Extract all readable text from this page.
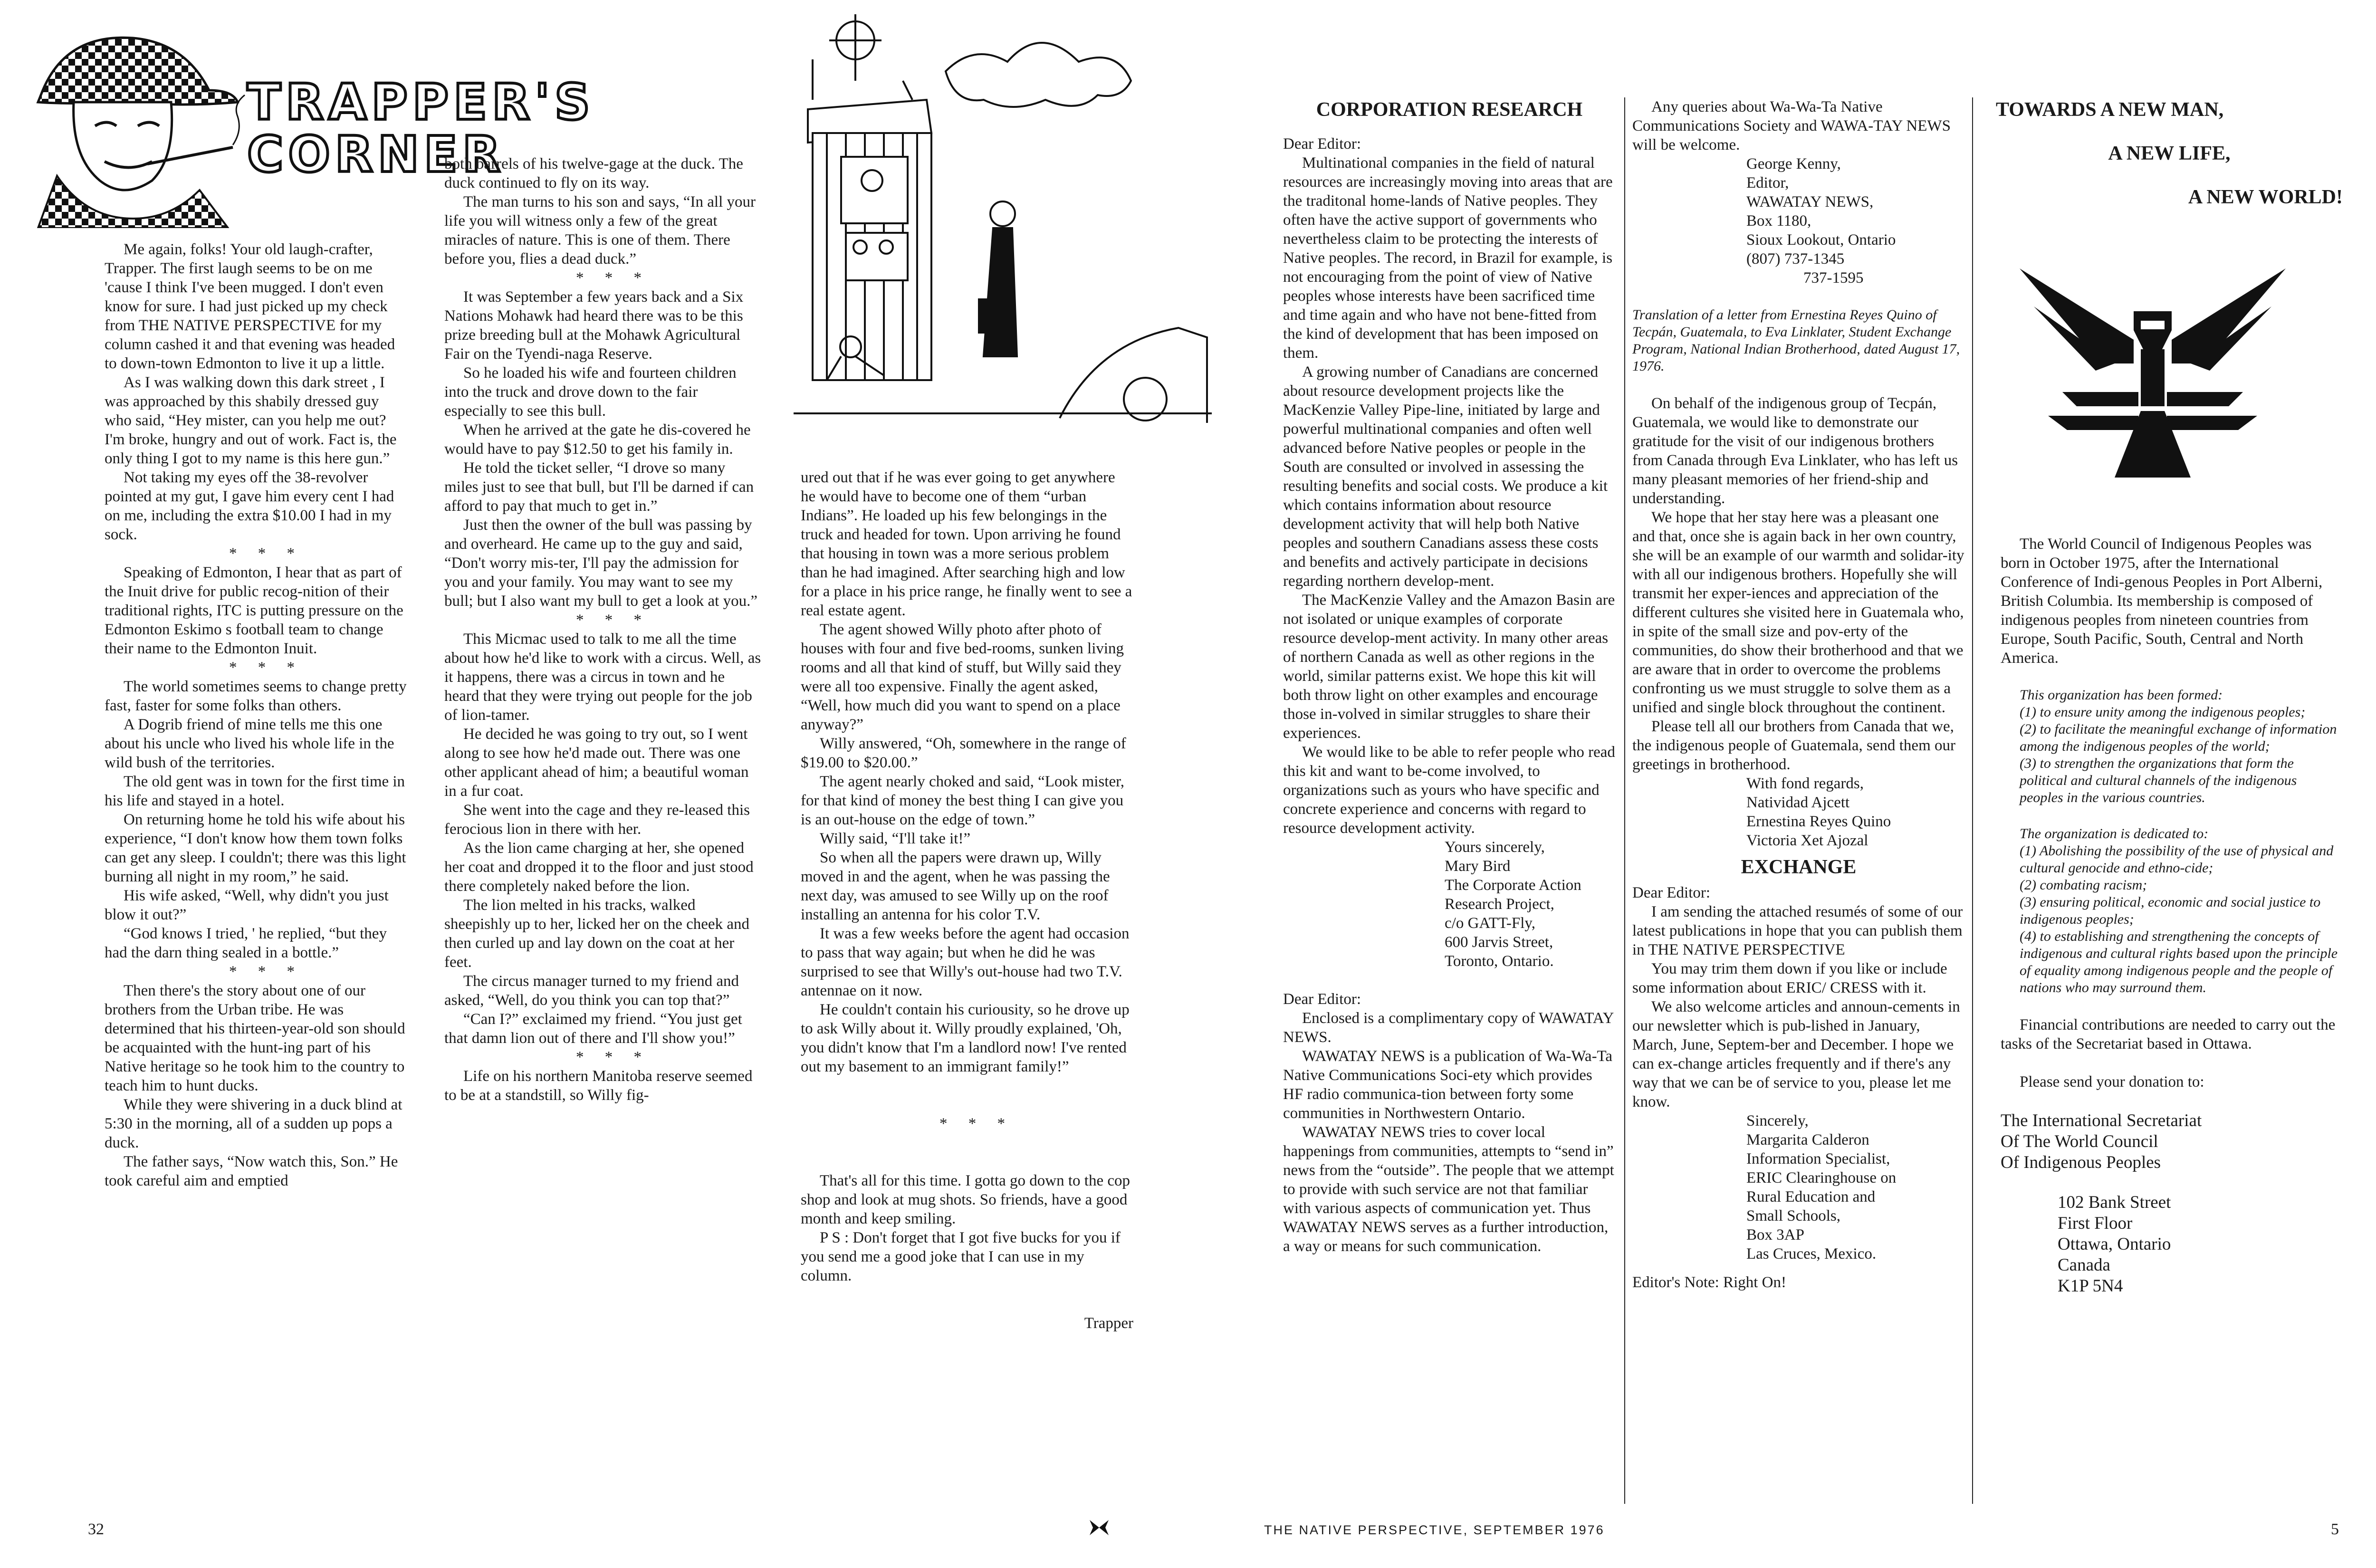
TRAPPER'S CORNER

Me again, folks! Your old laugh-crafter, Trapper. The first laugh seems to be on me 'cause I think I've been mugged. I don't even know for sure. I had just picked up my check from THE NATIVE PERSPECTIVE for my column cashed it and that evening was headed to down-town Edmonton to live it up a little.

As I was walking down this dark street , I was approached by this shabily dressed guy who said, “Hey mister, can you help me out? I'm broke, hungry and out of work. Fact is, the only thing I got to my name is this here gun.”

Not taking my eyes off the 38-revolver pointed at my gut, I gave him every cent I had on me, including the extra $10.00 I had in my sock.

* * *

Speaking of Edmonton, I hear that as part of the Inuit drive for public recog-nition of their traditional rights, ITC is putting pressure on the Edmonton Eskimo s football team to change their name to the Edmonton Inuit.

* * *

The world sometimes seems to change pretty fast, faster for some folks than others.

A Dogrib friend of mine tells me this one about his uncle who lived his whole life in the wild bush of the territories.

The old gent was in town for the first time in his life and stayed in a hotel.

On returning home he told his wife about his experience, “I don't know how them town folks can get any sleep. I couldn't; there was this light burning all night in my room,” he said.

His wife asked, “Well, why didn't you just blow it out?”

“God knows I tried, ' he replied, “but they had the darn thing sealed in a bottle.”

* * *

Then there's the story about one of our brothers from the Urban tribe. He was determined that his thirteen-year-old son should be acquainted with the hunt-ing part of his Native heritage so he took him to the country to teach him to hunt ducks.

While they were shivering in a duck blind at 5:30 in the morning, all of a sudden up pops a duck.

The father says, “Now watch this, Son.” He took careful aim and emptied

both barrels of his twelve-gage at the duck. The duck continued to fly on its way.

The man turns to his son and says, “In all your life you will witness only a few of the great miracles of nature. This is one of them. There before you, flies a dead duck.”

* * *

It was September a few years back and a Six Nations Mohawk had heard there was to be this prize breeding bull at the Mohawk Agricultural Fair on the Tyendi-naga Reserve.

So he loaded his wife and fourteen children into the truck and drove down to the fair especially to see this bull.

When he arrived at the gate he dis-covered he would have to pay $12.50 to get his family in.

He told the ticket seller, “I drove so many miles just to see that bull, but I'll be darned if can afford to pay that much to get in.”

Just then the owner of the bull was passing by and overheard. He came up to the guy and said, “Don't worry mis-ter, I'll pay the admission for you and your family. You may want to see my bull; but I also want my bull to get a look at you.”

* * *

This Micmac used to talk to me all the time about how he'd like to work with a circus. Well, as it happens, there was a circus in town and he heard that they were trying out people for the job of lion-tamer.

He decided he was going to try out, so I went along to see how he'd made out. There was one other applicant ahead of him; a beautiful woman in a fur coat.

She went into the cage and they re-leased this ferocious lion in there with her.

As the lion came charging at her, she opened her coat and dropped it to the floor and just stood there completely naked before the lion.

The lion melted in his tracks, walked sheepishly up to her, licked her on the cheek and then curled up and lay down on the coat at her feet.

The circus manager turned to my friend and asked, “Well, do you think you can top that?”

“Can I?” exclaimed my friend. “You just get that damn lion out of there and I'll show you!”

* * *

Life on his northern Manitoba reserve seemed to be at a standstill, so Willy fig-

ured out that if he was ever going to get anywhere he would have to become one of them “urban Indians”. He loaded up his few belongings in the truck and headed for town. Upon arriving he found that housing in town was a more serious problem than he had imagined. After searching high and low for a place in his price range, he finally went to see a real estate agent.

The agent showed Willy photo after photo of houses with four and five bed-rooms, sunken living rooms and all that kind of stuff, but Willy said they were all too expensive. Finally the agent asked, “Well, how much did you want to spend on a place anyway?”

Willy answered, “Oh, somewhere in the range of $19.00 to $20.00.”

The agent nearly choked and said, “Look mister, for that kind of money the best thing I can give you is an out-house on the edge of town.”

Willy said, “I'll take it!”

So when all the papers were drawn up, Willy moved in and the agent, when he was passing the next day, was amused to see Willy up on the roof installing an antenna for his color T.V.

It was a few weeks before the agent had occasion to pass that way again; but when he did he was surprised to see that Willy's out-house had two T.V. antennae on it now.

He couldn't contain his curiousity, so he drove up to ask Willy about it. Willy proudly explained, 'Oh, you didn't know that I'm a landlord now! I've rented out my basement to an immigrant family!”

* * *

That's all for this time. I gotta go down to the cop shop and look at mug shots. So friends, have a good month and keep smiling.

P S : Don't forget that I got five bucks for you if you send me a good joke that I can use in my column.

Trapper

32
CORPORATION RESEARCH

Dear Editor:

Multinational companies in the field of natural resources are increasingly moving into areas that are the traditonal home-lands of Native peoples. They often have the active support of governments who nevertheless claim to be protecting the interests of Native peoples. The record, in Brazil for example, is not encouraging from the point of view of Native peoples whose interests have been sacrificed time and time again and who have not bene-fitted from the kind of development that has been imposed on them.

A growing number of Canadians are concerned about resource development projects like the MacKenzie Valley Pipe-line, initiated by large and powerful multinational companies and often well advanced before Native peoples or people in the South are consulted or involved in assessing the resulting benefits and social costs. We produce a kit which contains information about resource development activity that will help both Native peoples and southern Canadians assess these costs and benefits and actively participate in decisions regarding northern develop-ment.

The MacKenzie Valley and the Amazon Basin are not isolated or unique examples of corporate resource develop-ment activity. In many other areas of northern Canada as well as other regions in the world, similar patterns exist. We hope this kit will both throw light on other examples and encourage those in-volved in similar struggles to share their experiences.

We would like to be able to refer people who read this kit and want to be-come involved, to organizations such as yours who have specific and concrete experience and concerns with regard to resource development activity.

Yours sincerely,

Mary Bird

The Corporate Action

Research Project,

c/o GATT-Fly,

600 Jarvis Street,

Toronto, Ontario.

Dear Editor:

Enclosed is a complimentary copy of WAWATAY NEWS.

WAWATAY NEWS is a publication of Wa-Wa-Ta Native Communications Soci-ety which provides HF radio communica-tion between forty some communities in Northwestern Ontario.

WAWATAY NEWS tries to cover local happenings from communities, attempts to “send in” news from the “outside”. The people that we attempt to provide with such service are not that familiar with various aspects of communication yet. Thus WAWATAY NEWS serves as a further introduction, a way or means for such communication.

Any queries about Wa-Wa-Ta Native Communications Society and WAWA-TAY NEWS will be welcome.

George Kenny,

Editor,

WAWATAY NEWS,

Box 1180,

Sioux Lookout, Ontario

(807) 737-1345

737-1595

Translation of a letter from Ernestina Reyes Quino of Tecpán, Guatemala, to Eva Linklater, Student Exchange Program, National Indian Brotherhood, dated August 17, 1976.

On behalf of the indigenous group of Tecpán, Guatemala, we would like to demonstrate our gratitude for the visit of our indigenous brothers from Canada through Eva Linklater, who has left us many pleasant memories of her friend-ship and understanding.

We hope that her stay here was a pleasant one and that, once she is again back in her own country, she will be an example of our warmth and solidar-ity with all our indigenous brothers. Hopefully she will transmit her exper-iences and appreciation of the different cultures she visited here in Guatemala who, in spite of the small size and pov-erty of the communities, do show their brotherhood and that we are aware that in order to overcome the problems confronting us we must struggle to solve them as a unified and single block throughout the continent.

Please tell all our brothers from Canada that we, the indigenous people of Guatemala, send them our greetings in brotherhood.

With fond regards,

Natividad Ajcett

Ernestina Reyes Quino

Victoria Xet Ajozal

EXCHANGE

Dear Editor:

I am sending the attached resumés of some of our latest publications in hope that you can publish them in THE NATIVE PERSPECTIVE

You may trim them down if you like or include some information about ERIC/ CRESS with it.

We also welcome articles and announ-cements in our newsletter which is pub-lished in January, March, June, Septem-ber and December. I hope we can ex-change articles frequently and if there's any way that we can be of service to you, please let me know.

Sincerely,

Margarita Calderon

Information Specialist,

ERIC Clearinghouse on

Rural Education and

Small Schools,

Box 3AP

Las Cruces, Mexico.

Editor's Note: Right On!

TOWARDS A NEW MAN,
A NEW LIFE,
A NEW WORLD!

The World Council of Indigenous Peoples was born in October 1975, after the International Conference of Indi-genous Peoples in Port Alberni, British Columbia. Its membership is composed of indigenous peoples from nineteen countries from Europe, South Pacific, South, Central and North America.

This organization has been formed:

(1) to ensure unity among the indigenous peoples;

(2) to facilitate the meaningful exchange of information among the indigenous peoples of the world;

(3) to strengthen the organizations that form the political and cultural channels of the indigenous peoples in the various countries.

The organization is dedicated to:

(1) Abolishing the possibility of the use of physical and cultural genocide and ethno-cide;

(2) combating racism;

(3) ensuring political, economic and social justice to indigenous peoples;

(4) to establishing and strengthening the concepts of indigenous and cultural rights based upon the principle of equality among indigenous people and the people of nations who may surround them.

Financial contributions are needed to carry out the tasks of the Secretariat based in Ottawa.

Please send your donation to:

The International Secretariat

Of The World Council

Of Indigenous Peoples

102 Bank Street

First Floor

Ottawa, Ontario

Canada

K1P 5N4

THE NATIVE PERSPECTIVE, SEPTEMBER 1976	5
